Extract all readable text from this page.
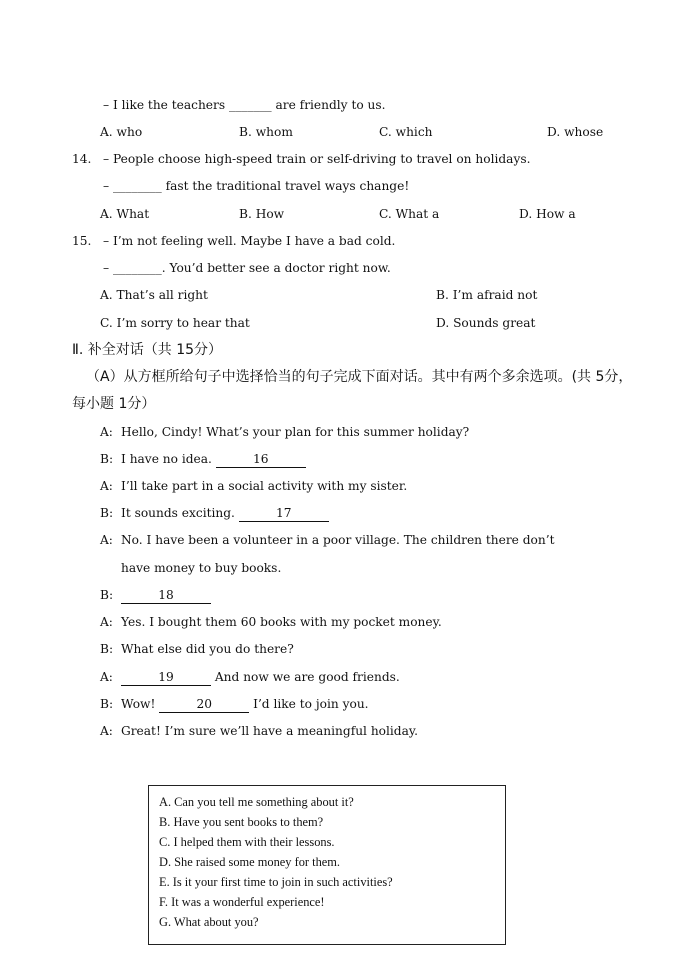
– I like the teachers _______ are friendly to us.
A. who	B. whom	C. which	D. whose
14. – People choose high-speed train or self-driving to travel on holidays.
– ________ fast the traditional travel ways change!
A. What	B. How	C. What a	D. How a
15. – I’m not feeling well. Maybe I have a bad cold.
– ________. You’d better see a doctor right now.
A. That’s all right	B. I’m afraid not
C. I’m sorry to hear that	D. Sounds great
Ⅱ. 补全对话（共 15分）
（A）从方框所给句子中选择恰当的句子完成下面对话。其中有两个多余选项。(共 5分，
每小题 1分）
A: Hello, Cindy! What’s your plan for this summer holiday?
B: I have no idea.	16
A: I’ll take part in a social activity with my sister.
B: It sounds exciting.	17
A: No. I have been a volunteer in a poor village. The children there don’t
have money to buy books.
B:	18
A: Yes. I bought them 60 books with my pocket money.
B: What else did you do there?
A:	19	And now we are good friends.
B: Wow!	20	I’d like to join you.
A: Great! I’m sure we’ll have a meaningful holiday.
A. Can you tell me something about it?
B. Have you sent books to them?
C. I helped them with their lessons.
D. She raised some money for them.
E. Is it your first time to join in such activities?
F. It was a wonderful experience!
G. What about you?
